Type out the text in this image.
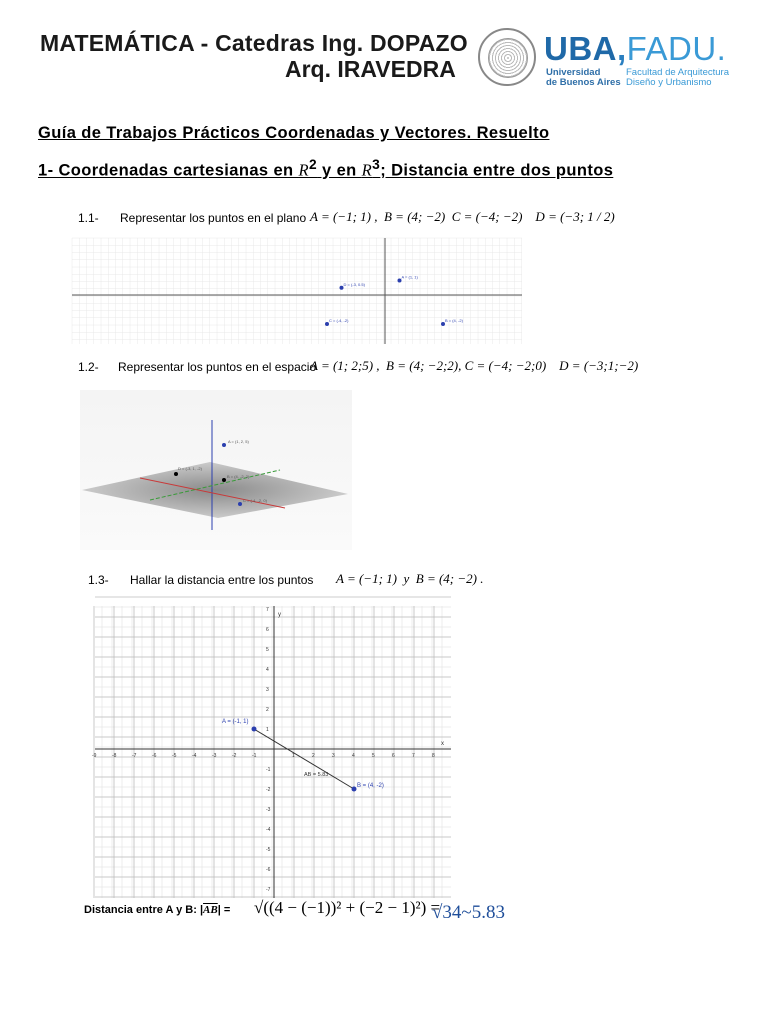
MATEMÁTICA - Catedras Ing. DOPAZO
Arq. IRAVEDRA
UBA,FADU.
Universidad
de Buenos Aires
Facultad de Arquitectura
Diseño y Urbanismo
Guía de Trabajos Prácticos Coordenadas y Vectores. Resuelto
1- Coordenadas cartesianas en $R^2$ y en $R^3$; Distancia entre dos puntos
1.1- Representar los puntos en el plano A = (−1; 1) ,  B = (4; −2)  C = (−4; −2)    D = (−3; 1 / 2)
A = (1, 1)
D = (-3, 0.5)
C = (-4, -2)	B = (4, -2)
1.2- Representar los puntos en el espacio
A = (1; 2;5) ,  B = (4; −2;2), C = (−4; −2;0)    D = (−3;1;−2)
A = (1, 2, 5)
D = (-3, 1, -2)
B = (4, -2, 2)
C = (-4, -2, 0)
1.3- Hallar la distancia entre los puntos A = (−1; 1)  y  B = (4; −2) .
x
y
-9	-8	-7	-6	-5	-4	-3	-2	-1	1	2	3	4	5	6	7	8
7
6
5
4
3
2
1
-1
-2
-3
-4
-5
-6
-7
A = (-1, 1)
B = (4, -2)
AB = 5.83
Distancia entre A y B: $|\overline{AB}| = √((4 - (-1))^2 + (-2 - 1)^2)$ =
√34~5.83
